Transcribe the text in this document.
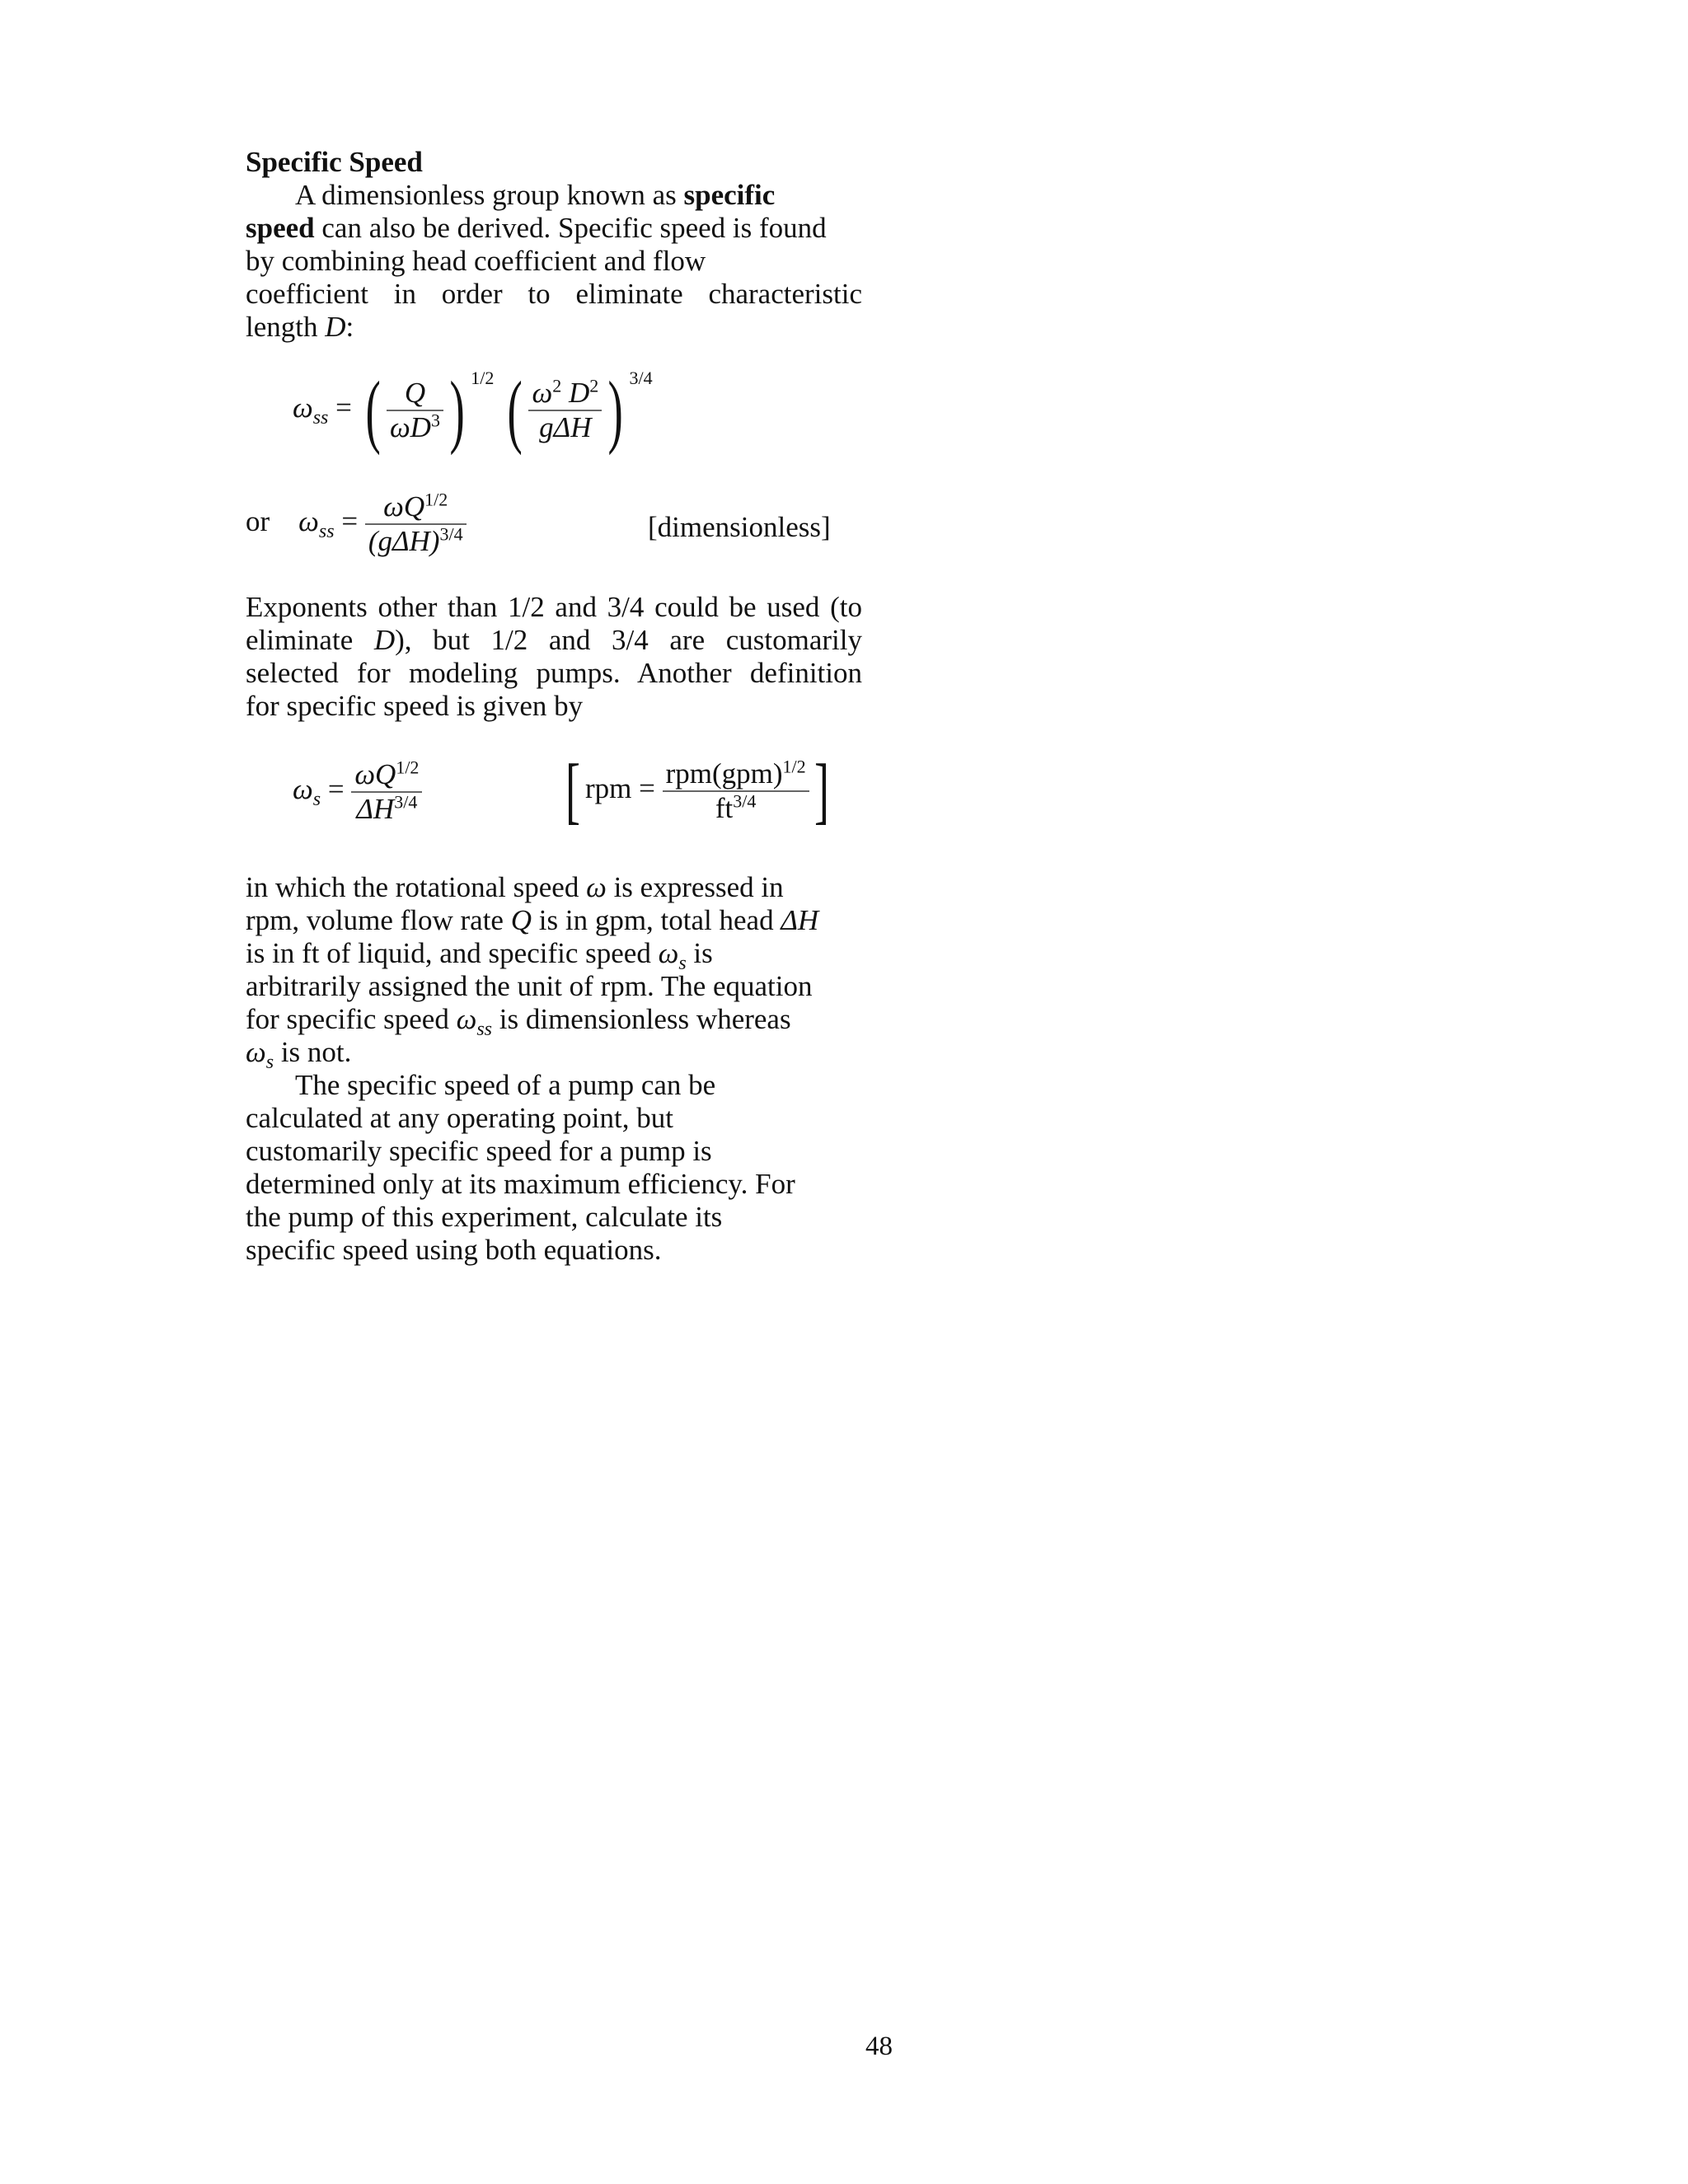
Specific Speed
A dimensionless group known as specific
speed can also be derived. Specific speed is found
by combining head coefficient and flow
coefficient in order to eliminate characteristic
length D:
$\omega_{ss}$ = ( $\frac{Q}{\omega D^3}$ ) $^{1/2}$ ( $\frac{\omega^2 D^2}{\text{gΔH}}$ ) $^{3/4}$
or $\omega_{ss} = \frac{\omega Q^{1/2}}{(g\Delta H)^{3/4}}$	[dimensionless]
Exponents other than 1/2 and 3/4 could be used (to
eliminate D), but 1/2 and 3/4 are customarily
selected for modeling pumps. Another definition
for specific speed is given by
$\omega_s = \frac{\omega Q^{1/2}}{\Delta H^{3/4}}$ [ rpm = $\frac{rpm(gpm)^{1/2}}{ft^{3/4}}$ ]
in which the rotational speed ω is expressed in
rpm, volume flow rate Q is in gpm, total head ΔH
is in ft of liquid, and specific speed $\omega_s$ is
arbitrarily assigned the unit of rpm. The equation
for specific speed $\omega_{ss}$ is dimensionless whereas
$\omega_s$ is not.
The specific speed of a pump can be
calculated at any operating point, but
customarily specific speed for a pump is
determined only at its maximum efficiency. For
the pump of this experiment, calculate its
specific speed using both equations.
48
